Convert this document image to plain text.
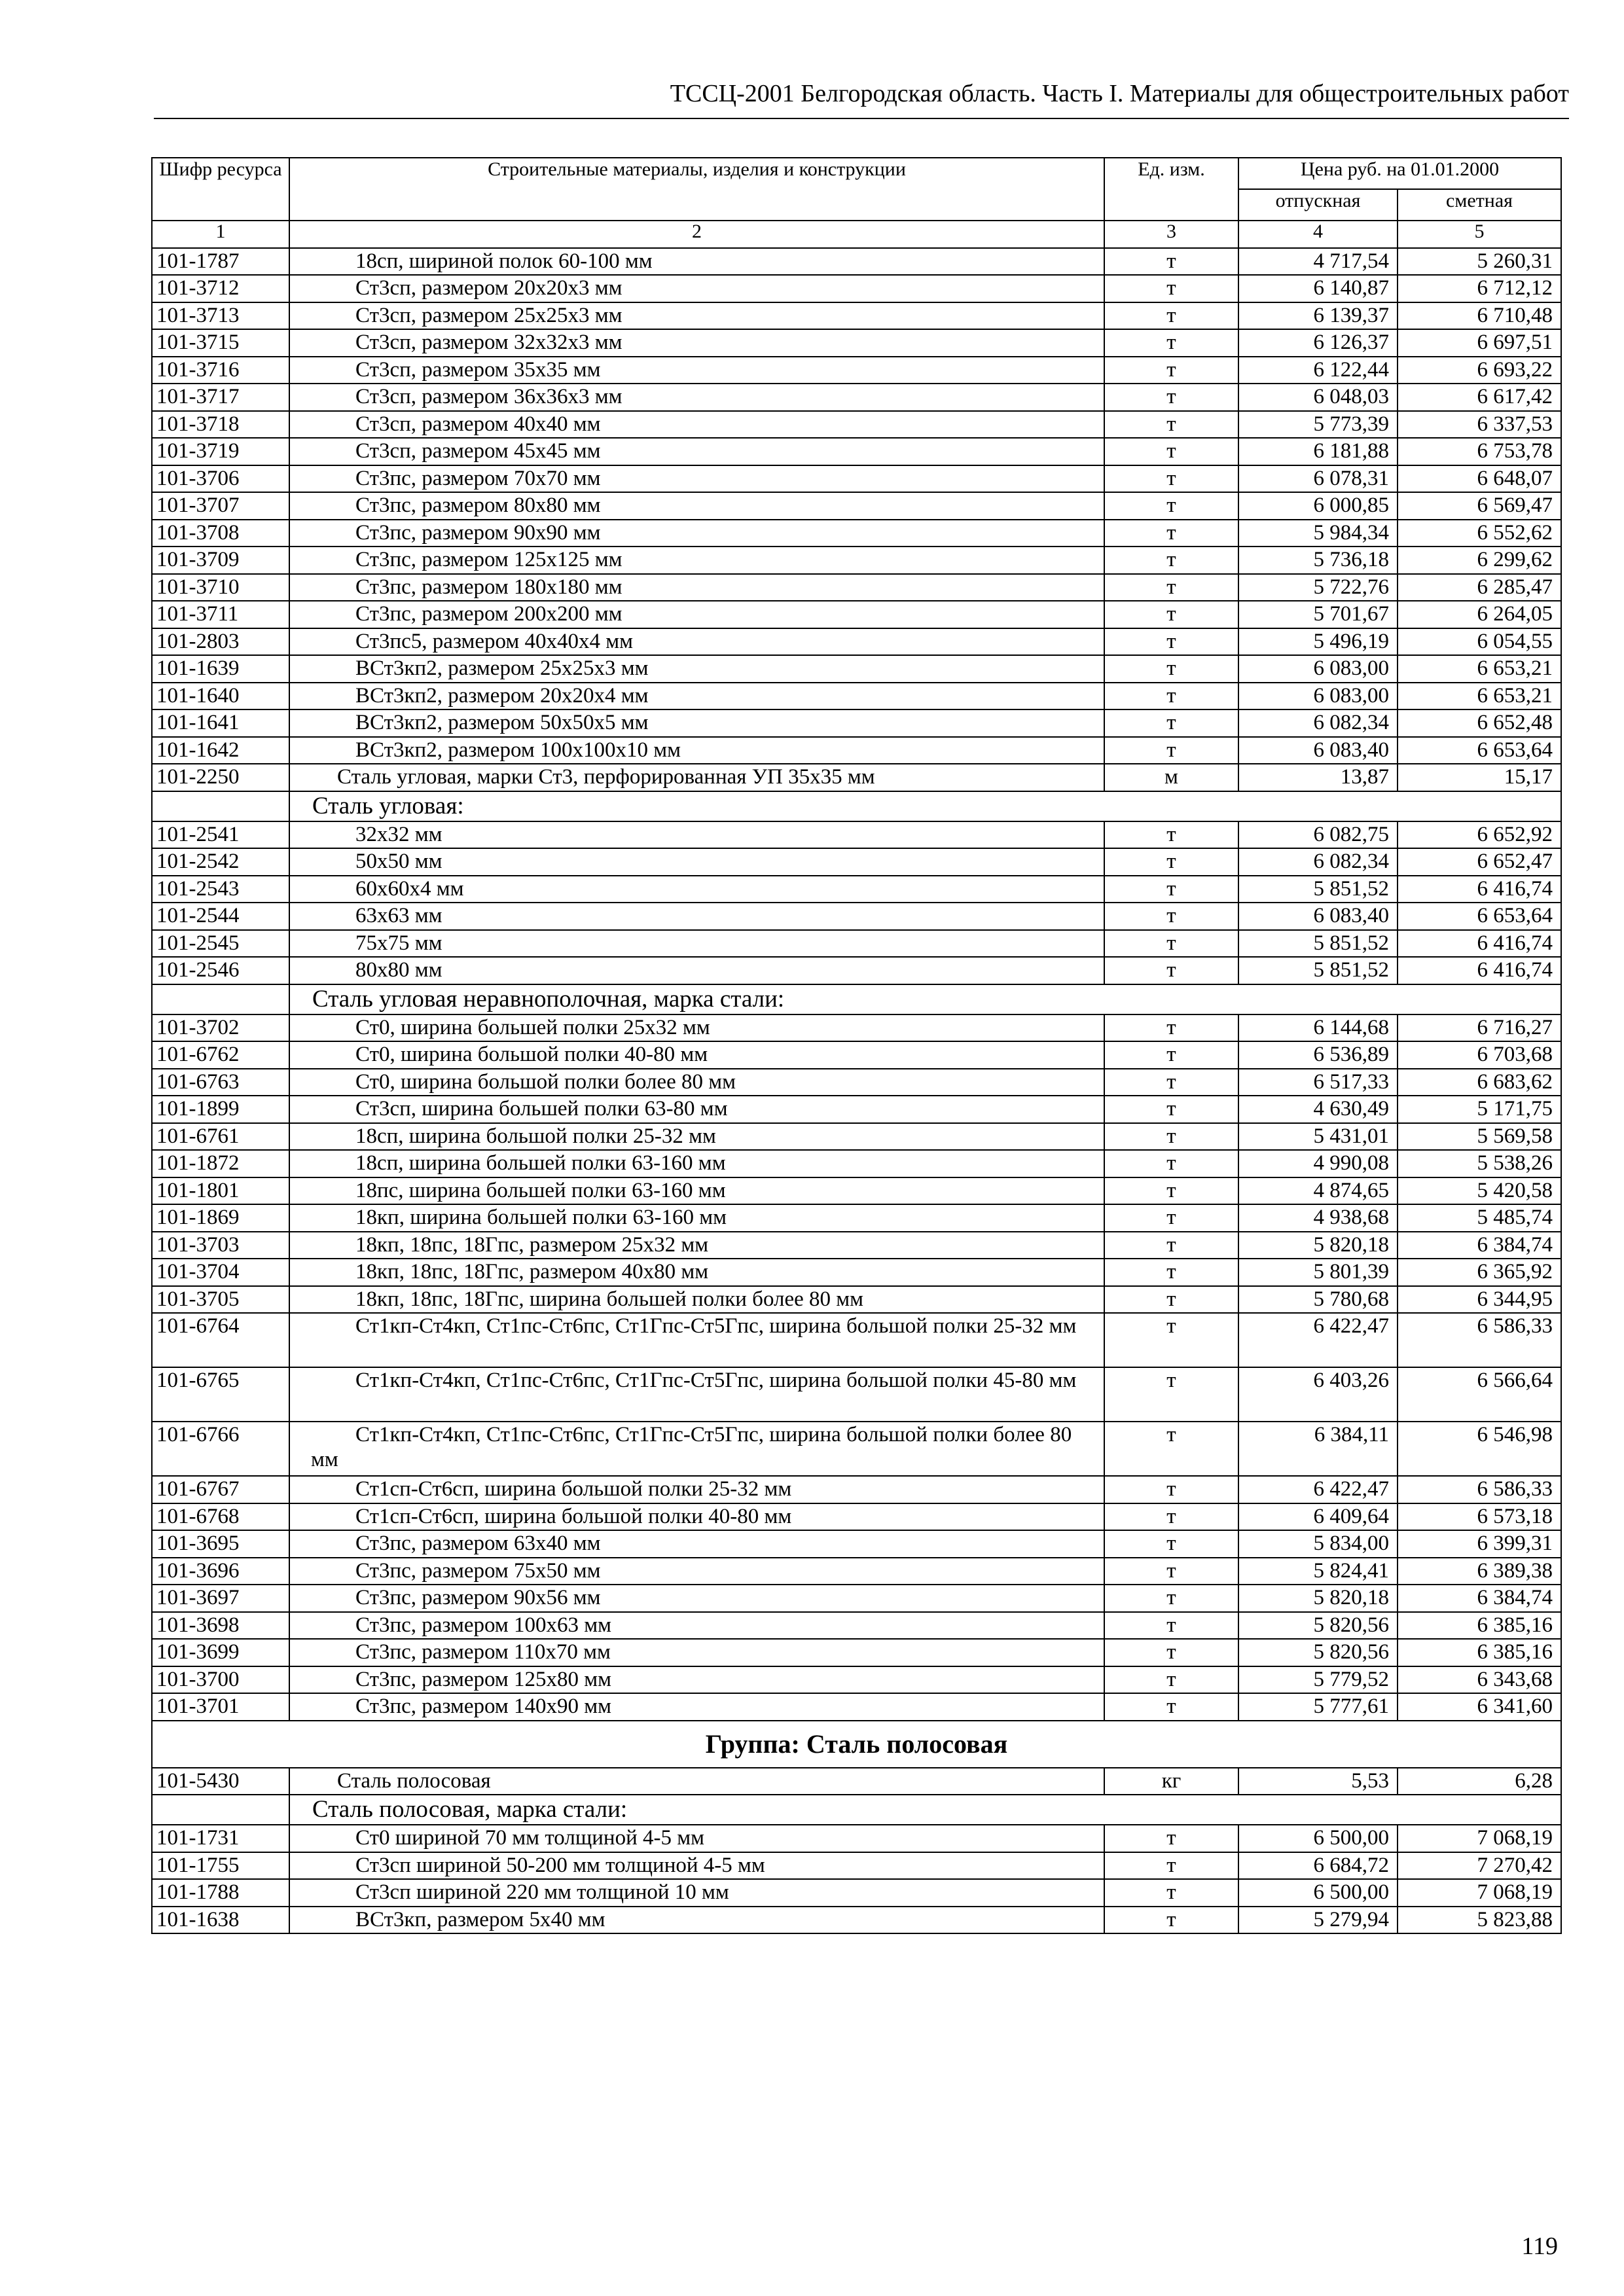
ТССЦ-2001 Белгородская область. Часть I. Материалы для общестроительных работ
Шифр ресурса	Строительные материалы, изделия и конструкции	Ед. изм.	Цена руб. на 01.01.2000	
			отпускная	сметная
1	2	3	4	5
101-1787	18сп, шириной полок 60-100 мм	т	4 717,54	5 260,31
101-3712	Ст3сп, размером 20х20х3 мм	т	6 140,87	6 712,12
101-3713	Ст3сп, размером 25х25х3 мм	т	6 139,37	6 710,48
101-3715	Ст3сп, размером 32х32х3 мм	т	6 126,37	6 697,51
101-3716	Ст3сп, размером 35х35 мм	т	6 122,44	6 693,22
101-3717	Ст3сп, размером 36х36х3 мм	т	6 048,03	6 617,42
101-3718	Ст3сп, размером 40х40 мм	т	5 773,39	6 337,53
101-3719	Ст3сп, размером 45х45 мм	т	6 181,88	6 753,78
101-3706	Ст3пс, размером 70х70 мм	т	6 078,31	6 648,07
101-3707	Ст3пс, размером 80х80 мм	т	6 000,85	6 569,47
101-3708	Ст3пс, размером 90х90 мм	т	5 984,34	6 552,62
101-3709	Ст3пс, размером 125х125 мм	т	5 736,18	6 299,62
101-3710	Ст3пс, размером 180х180 мм	т	5 722,76	6 285,47
101-3711	Ст3пс, размером 200х200 мм	т	5 701,67	6 264,05
101-2803	Ст3пс5, размером 40х40х4 мм	т	5 496,19	6 054,55
101-1639	ВСт3кп2, размером 25х25х3 мм	т	6 083,00	6 653,21
101-1640	ВСт3кп2, размером 20х20х4 мм	т	6 083,00	6 653,21
101-1641	ВСт3кп2, размером 50х50х5 мм	т	6 082,34	6 652,48
101-1642	ВСт3кп2, размером 100х100х10 мм	т	6 083,40	6 653,64
101-2250	Сталь угловая, марки Ст3, перфорированная УП 35х35 мм	м	13,87	15,17
	Сталь угловая:			
101-2541	32х32 мм	т	6 082,75	6 652,92
101-2542	50х50 мм	т	6 082,34	6 652,47
101-2543	60х60х4 мм	т	5 851,52	6 416,74
101-2544	63х63 мм	т	6 083,40	6 653,64
101-2545	75х75 мм	т	5 851,52	6 416,74
101-2546	80х80 мм	т	5 851,52	6 416,74
	Сталь угловая неравнополочная, марка стали:			
101-3702	Ст0, ширина большей полки 25х32 мм	т	6 144,68	6 716,27
101-6762	Ст0, ширина большой полки 40-80 мм	т	6 536,89	6 703,68
101-6763	Ст0, ширина большой полки более 80 мм	т	6 517,33	6 683,62
101-1899	Ст3сп, ширина большей полки 63-80 мм	т	4 630,49	5 171,75
101-6761	18сп, ширина большой полки 25-32 мм	т	5 431,01	5 569,58
101-1872	18сп, ширина большей полки 63-160 мм	т	4 990,08	5 538,26
101-1801	18пс, ширина большей полки 63-160 мм	т	4 874,65	5 420,58
101-1869	18кп, ширина большей полки 63-160 мм	т	4 938,68	5 485,74
101-3703	18кп, 18пс, 18Гпс, размером 25х32 мм	т	5 820,18	6 384,74
101-3704	18кп, 18пс, 18Гпс, размером 40х80 мм	т	5 801,39	6 365,92
101-3705	18кп, 18пс, 18Гпс, ширина большей полки более 80 мм	т	5 780,68	6 344,95
101-6764	Ст1кп-Ст4кп, Ст1пс-Ст6пс, Ст1Гпс-Ст5Гпс, ширина большой полки 25-32 мм	т	6 422,47	6 586,33
101-6765	Ст1кп-Ст4кп, Ст1пс-Ст6пс, Ст1Гпс-Ст5Гпс, ширина большой полки 45-80 мм	т	6 403,26	6 566,64
101-6766	Ст1кп-Ст4кп, Ст1пс-Ст6пс, Ст1Гпс-Ст5Гпс, ширина большой полки более 80 мм	т	6 384,11	6 546,98
101-6767	Ст1сп-Ст6сп, ширина большой полки 25-32 мм	т	6 422,47	6 586,33
101-6768	Ст1сп-Ст6сп, ширина большой полки 40-80 мм	т	6 409,64	6 573,18
101-3695	Ст3пс, размером 63х40 мм	т	5 834,00	6 399,31
101-3696	Ст3пс, размером 75х50 мм	т	5 824,41	6 389,38
101-3697	Ст3пс, размером 90х56 мм	т	5 820,18	6 384,74
101-3698	Ст3пс, размером 100х63 мм	т	5 820,56	6 385,16
101-3699	Ст3пс, размером 110х70 мм	т	5 820,56	6 385,16
101-3700	Ст3пс, размером 125х80 мм	т	5 779,52	6 343,68
101-3701	Ст3пс, размером 140х90 мм	т	5 777,61	6 341,60
Группа: Сталь полосовая				
101-5430	Сталь полосовая	кг	5,53	6,28
	Сталь полосовая, марка стали:			
101-1731	Ст0 шириной 70 мм толщиной 4-5 мм	т	6 500,00	7 068,19
101-1755	Ст3сп шириной 50-200 мм толщиной 4-5 мм	т	6 684,72	7 270,42
101-1788	Ст3сп шириной 220 мм толщиной 10 мм	т	6 500,00	7 068,19
101-1638	ВСт3кп, размером 5х40 мм	т	5 279,94	5 823,88
119
